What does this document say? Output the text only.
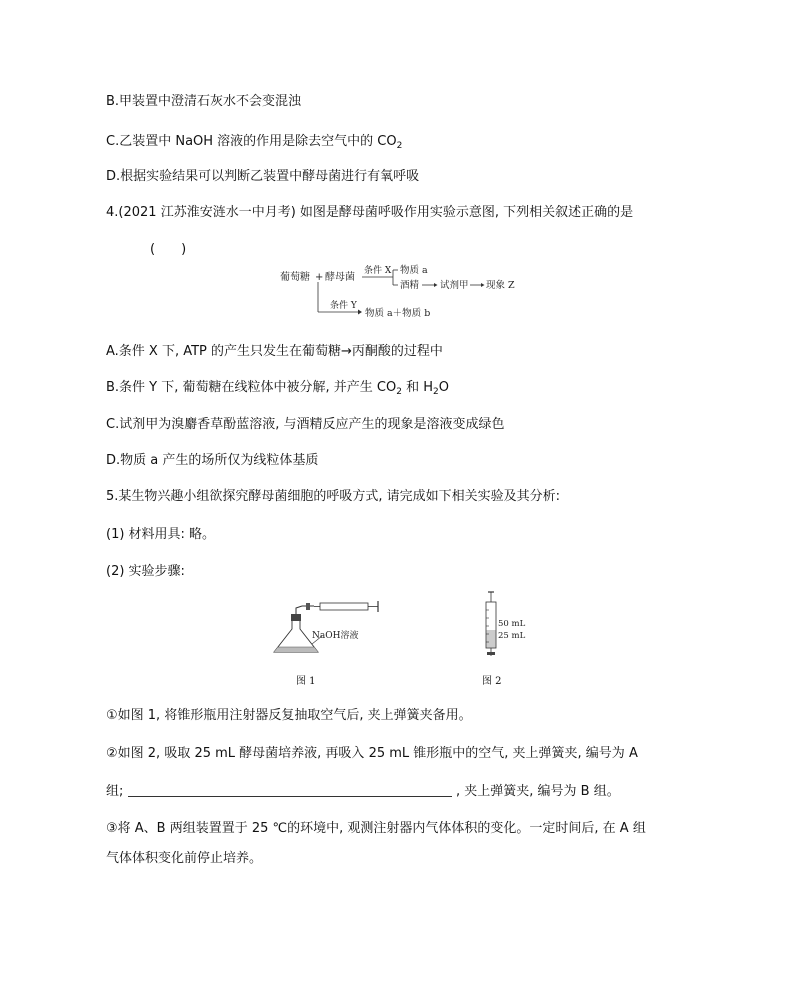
B.甲装置中澄清石灰水不会变混浊
C.乙装置中 NaOH 溶液的作用是除去空气中的 $CO_2$
D.根据实验结果可以判断乙装置中酵母菌进行有氧呼吸
4.(2021 江苏淮安涟水一中月考) 如图是酵母菌呼吸作用实验示意图, 下列相关叙述正确的是
(　　)
葡萄糖 + 酵母菌
条件 Y
物质 a＋物质 b
条件 X 物质 a
酒精 试剂甲 现象 Z
A.条件 X 下, ATP 的产生只发生在葡萄糖→丙酮酸的过程中
B.条件 Y 下, 葡萄糖在线粒体中被分解, 并产生 $CO_2$ 和 $H_2O$
C.试剂甲为溴麝香草酚蓝溶液, 与酒精反应产生的现象是溶液变成绿色
D.物质 a 产生的场所仅为线粒体基质
5.某生物兴趣小组欲探究酵母菌细胞的呼吸方式, 请完成如下相关实验及其分析:
(1) 材料用具: 略。
(2) 实验步骤:
NaOH溶液
图 1
50 mL
25 mL
图 2
①如图 1, 将锥形瓶用注射器反复抽取空气后, 夹上弹簧夹备用。
②如图 2, 吸取 25 mL 酵母菌培养液, 再吸入 25 mL 锥形瓶中的空气, 夹上弹簧夹, 编号为 A
组;	, 夹上弹簧夹, 编号为 B 组。
③将 A、B 两组装置置于 25 ℃的环境中, 观测注射器内气体体积的变化。一定时间后, 在 A 组
气体体积变化前停止培养。
